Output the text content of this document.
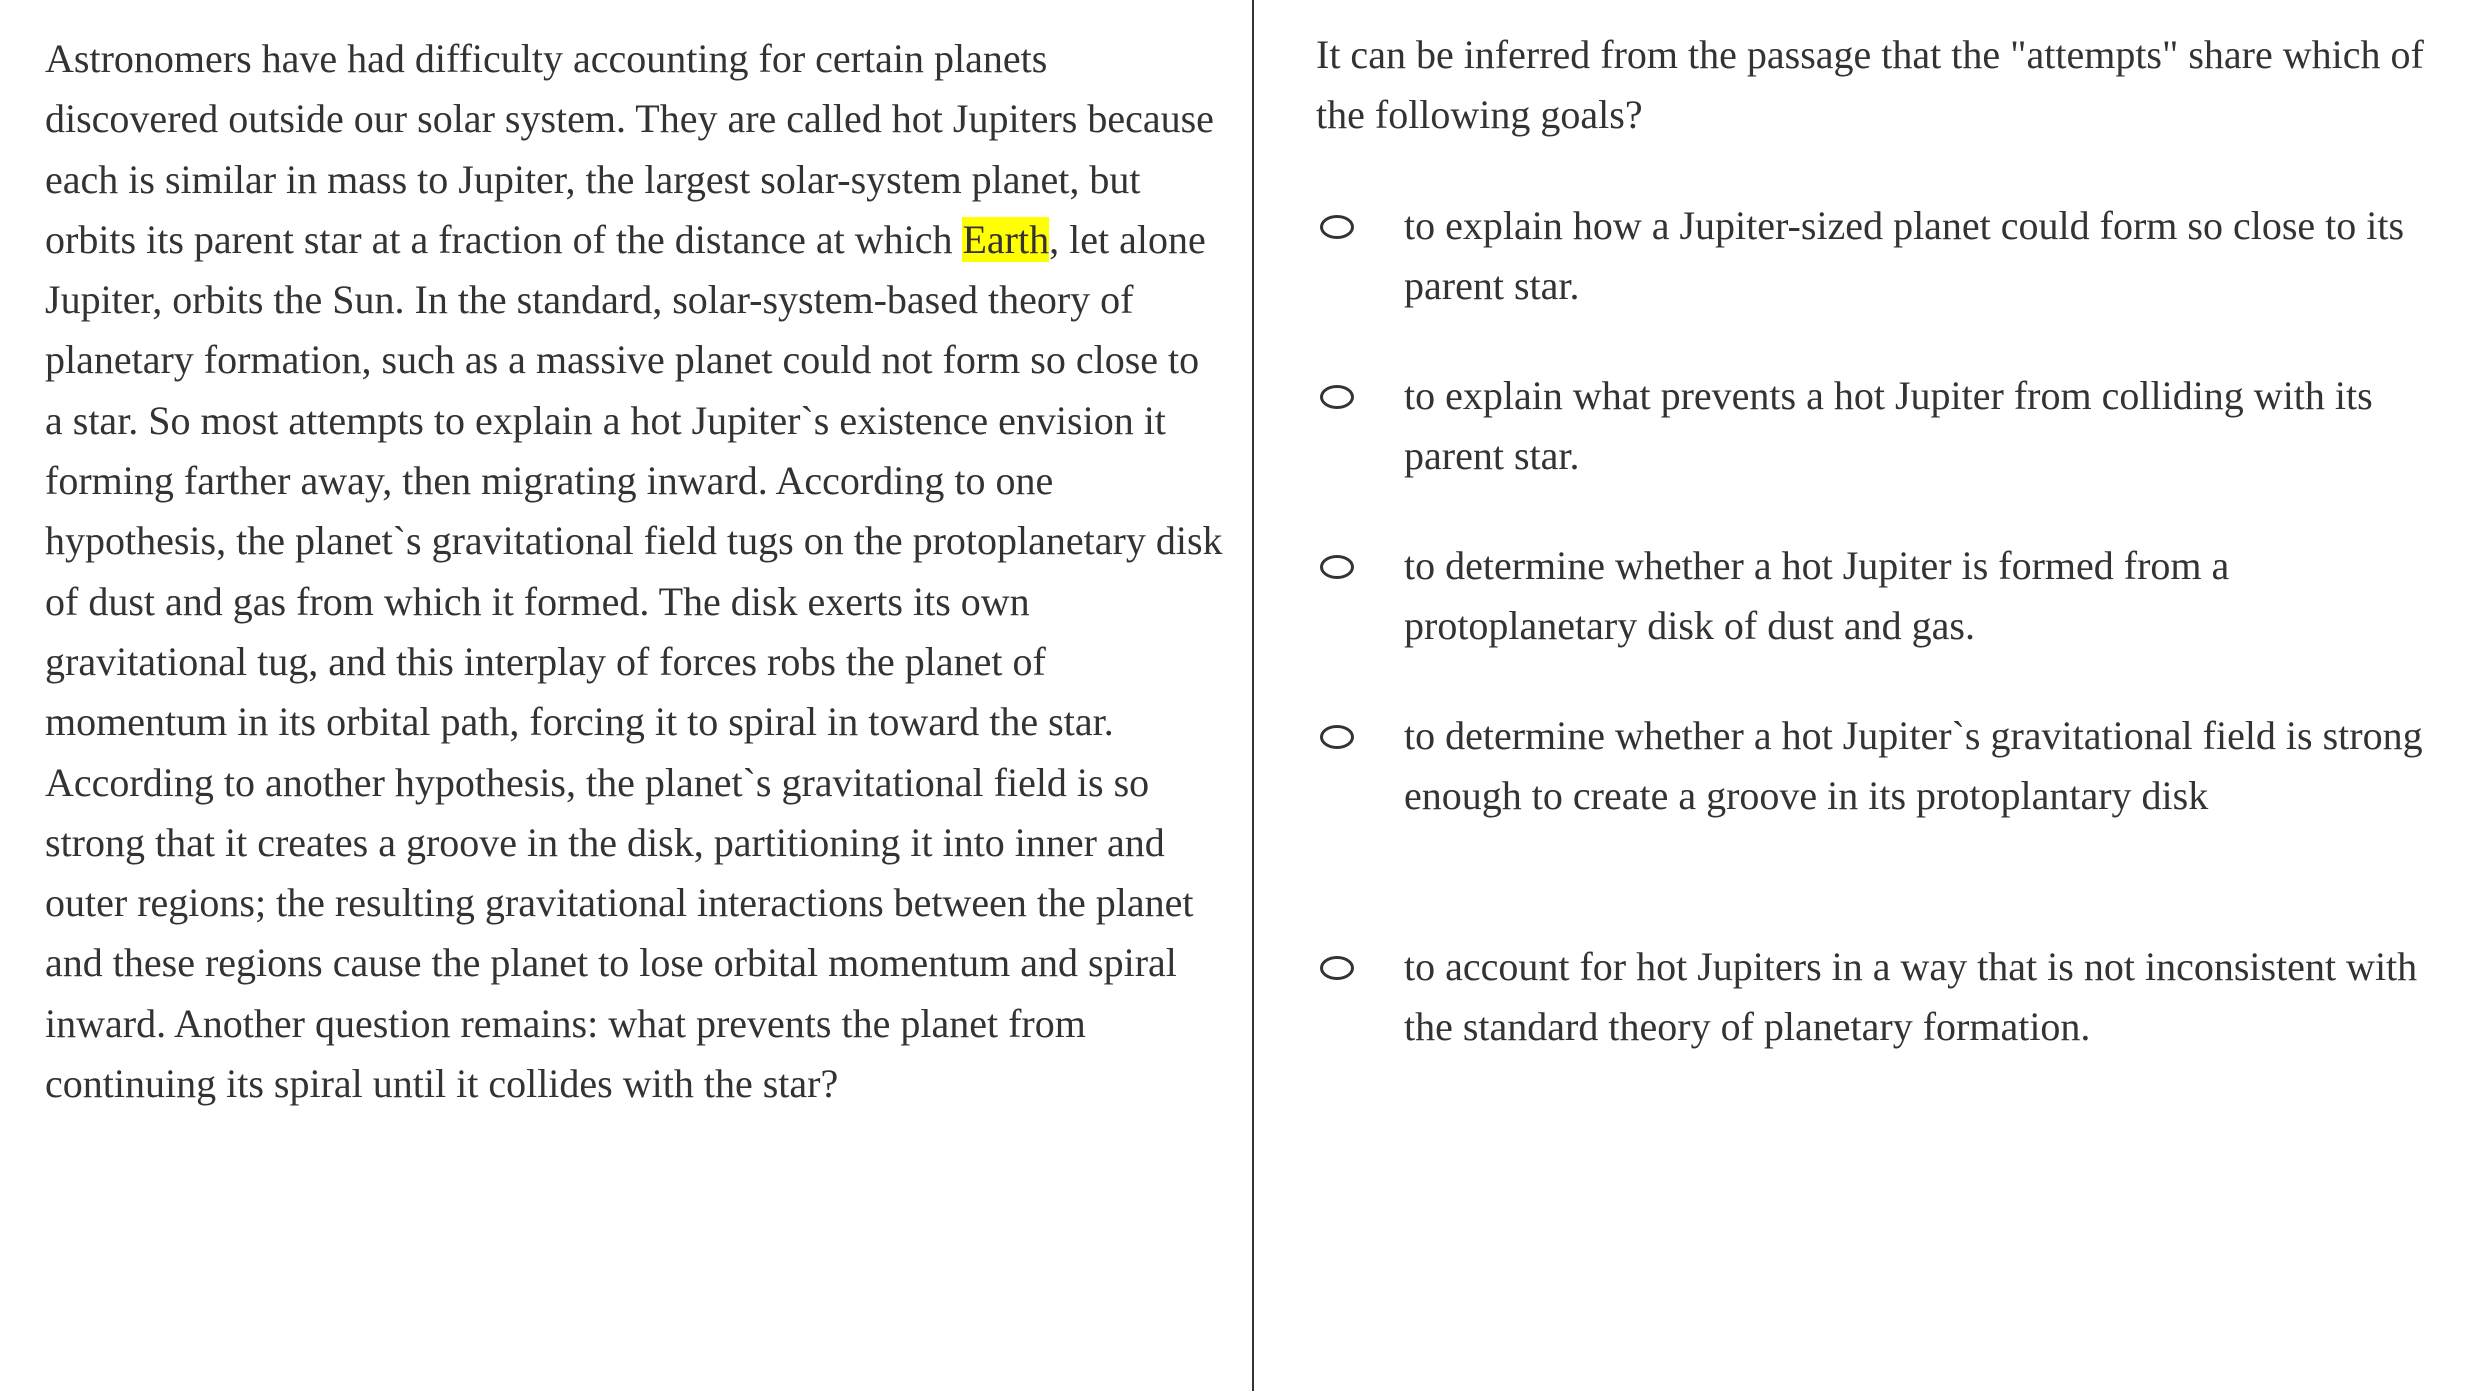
Astronomers have had difficulty accounting for certain planets discovered outside our solar system. They are called hot Jupiters because each is similar in mass to Jupiter, the largest solar-system planet, but orbits its parent star at a fraction of the distance at which Earth, let alone Jupiter, orbits the Sun. In the standard, solar-system-based theory of planetary formation, such as a massive planet could not form so close to a star. So most attempts to explain a hot Jupiter`s existence envision it forming farther away, then migrating inward. According to one hypothesis, the planet`s gravitational field tugs on the protoplanetary disk of dust and gas from which it formed. The disk exerts its own gravitational tug, and this interplay of forces robs the planet of momentum in its orbital path, forcing it to spiral in toward the star. According to another hypothesis, the planet`s gravitational field is so strong that it creates a groove in the disk, partitioning it into inner and outer regions; the resulting gravitational interactions between the planet and these regions cause the planet to lose orbital momentum and spiral inward. Another question remains: what prevents the planet from continuing its spiral until it collides with the star?

It can be inferred from the passage that the "attempts" share which of the following goals?

to explain how a Jupiter-sized planet could form so close to its parent star.
to explain what prevents a hot Jupiter from colliding with its parent star.
to determine whether a hot Jupiter is formed from a protoplanetary disk of dust and gas.
to determine whether a hot Jupiter`s gravitational field is strong enough to create a groove in its protoplantary disk
to account for hot Jupiters in a way that is not inconsistent with the standard theory of planetary formation.
